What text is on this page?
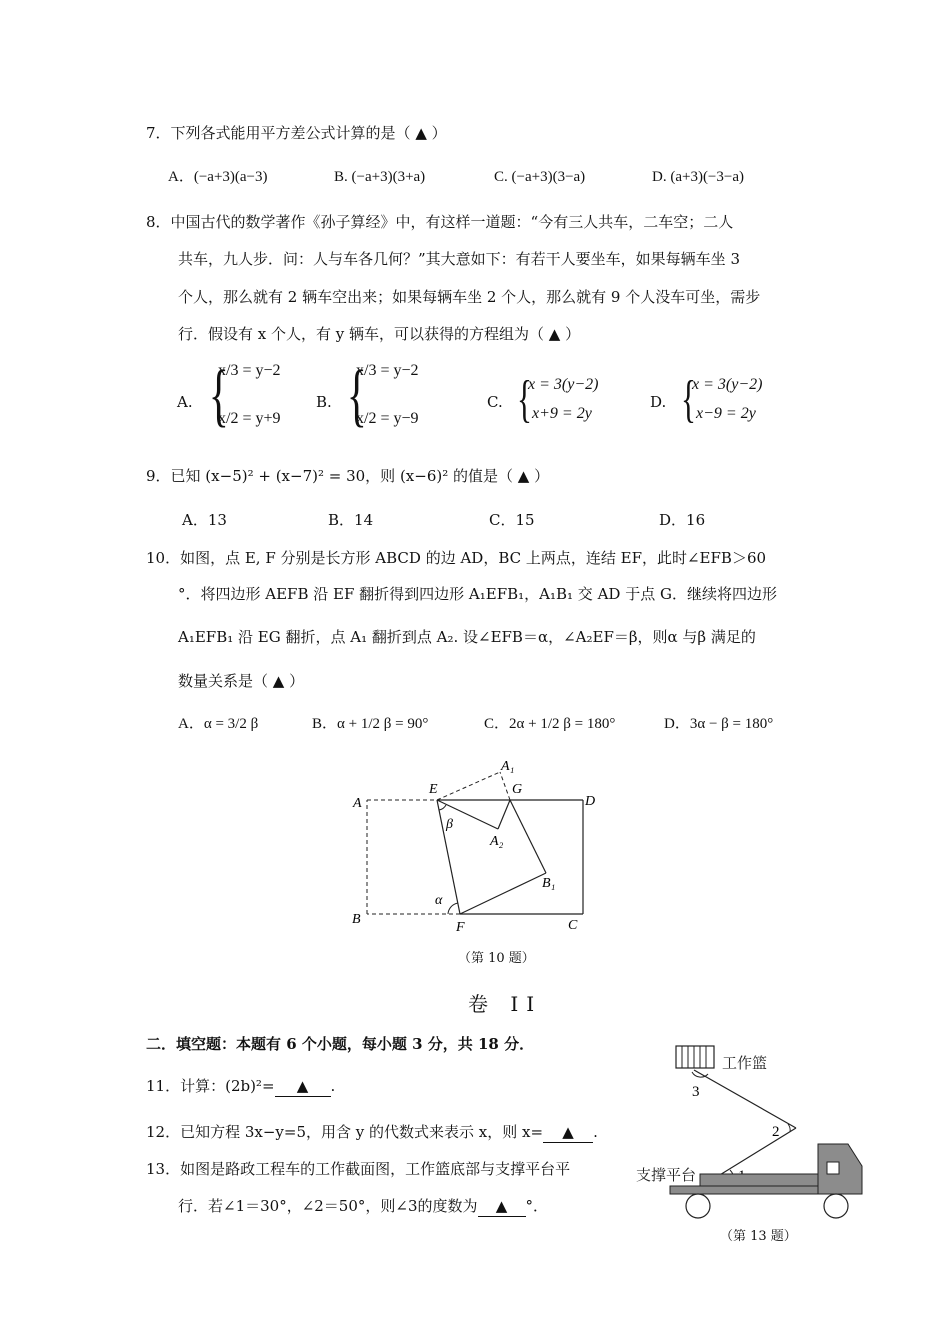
7．下列各式能用平方差公式计算的是（ ▲ ）
A．(−a+3)(a−3)	B. (−a+3)(3+a)	C. (−a+3)(3−a)	D. (a+3)(−3−a)
8．中国古代的数学著作《孙子算经》中，有这样一道题：“今有三人共车，二车空；二人
共车，九人步．问：人与车各几何？”其大意如下：有若干人要坐车，如果每辆车坐 3
个人，那么就有 2 辆车空出来；如果每辆车坐 2 个人，那么就有 9 个人没车可坐，需步
行．假设有 x 个人，有 y 辆车，可以获得的方程组为（ ▲ ）
A. {
x/3 = y−2
x/2 = y+9
B. {
x/3 = y−2
x/2 = y−9
C. {
x = 3(y−2)
x+9 = 2y
D. {
x = 3(y−2)
x−9 = 2y
9．已知 (x−5)² + (x−7)² = 30，则 (x−6)² 的值是（ ▲ ）
A．13	B．14	C．15	D．16
10．如图，点 E, F 分别是长方形 ABCD 的边 AD，BC 上两点，连结 EF，此时∠EFB＞60
°．将四边形 AEFB 沿 EF 翻折得到四边形 A₁EFB₁，A₁B₁ 交 AD 于点 G．继续将四边形
A₁EFB₁ 沿 EG 翻折，点 A₁ 翻折到点 A₂. 设∠EFB＝α，∠A₂EF＝β，则α 与β 满足的
数量关系是（ ▲ ）
A．α = 3/2 β	B．α + 1/2 β = 90°	C．2α + 1/2 β = 180°	D．3α − β = 180°
A
B	C
D
E
F
G
A₁
A₂
B₁
α
β
（第 10 题）
卷 II
二．填空题：本题有 6 个小题，每小题 3 分，共 18 分．
11．计算：(2b)²= ▲ .
12．已知方程 3x−y=5，用含 y 的代数式来表示 x，则 x= ▲ .
13．如图是路政工程车的工作截面图，工作篮底部与支撑平台平
行．若∠1＝30°，∠2＝50°，则∠3的度数为 ▲ °．
工作篮
3
2
支撑平台
（第 13 题）
